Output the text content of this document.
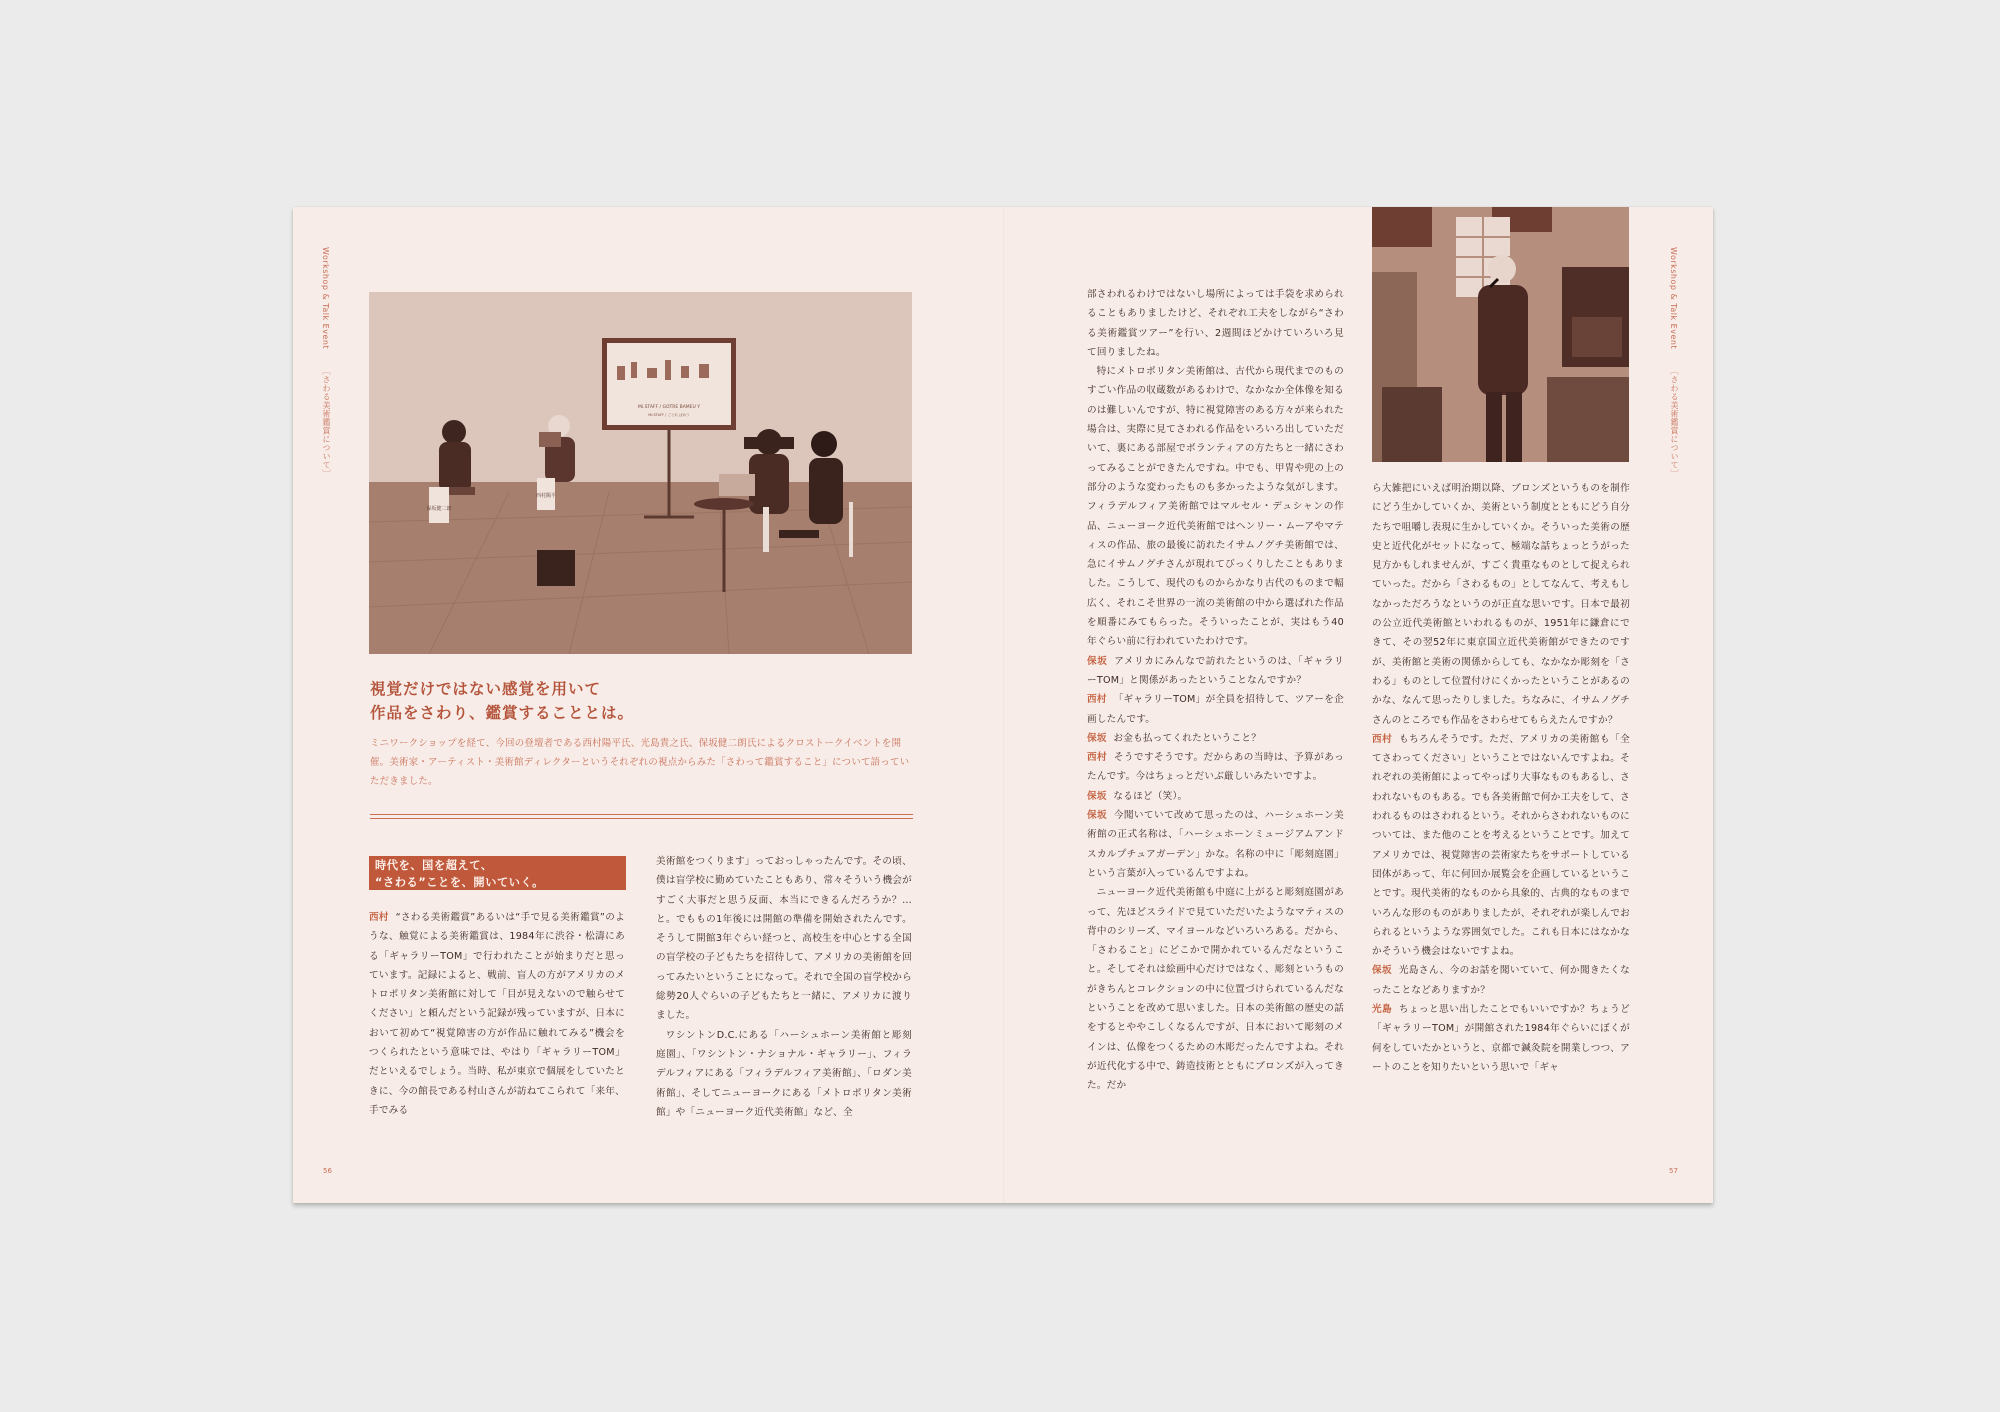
Workshop & Talk Event
［さわる美術鑑賞について］
Workshop & Talk Event
［さわる美術鑑賞について］
Mi.STAFF / GOTRE BAMEU Y
Mi.STAFF / ごとれ ばめう
保坂健二朗
西村陽平
視覚だけではない感覚を用いて
作品をさわり、鑑賞することとは。
ミニワークショップを経て、今回の登壇者である西村陽平氏、光島貴之氏、保坂健二朗氏によるクロストークイベントを開催。美術家・アーティスト・美術館ディレクターというそれぞれの視点からみた「さわって鑑賞すること」について語っていただきました。
時代を、国を超えて、
“さわる”ことを、開いていく。

西村 “さわる美術鑑賞”あるいは“手で見る美術鑑賞”のような、触覚による美術鑑賞は、1984年に渋谷・松濤にある「ギャラリーTOM」で行われたことが始まりだと思っています。記録によると、戦前、盲人の方がアメリカのメトロポリタン美術館に対して「目が見えないので触らせてください」と頼んだという記録が残っていますが、日本において初めて“視覚障害の方が作品に触れてみる”機会をつくられたという意味では、やはり「ギャラリーTOM」だといえるでしょう。当時、私が東京で個展をしていたときに、今の館長である村山さんが訪ねてこられて「来年、手でみる

美術館をつくります」っておっしゃったんです。その頃、僕は盲学校に勤めていたこともあり、常々そういう機会がすごく大事だと思う反面、本当にできるんだろうか？…と。でももの1年後には開館の準備を開始されたんです。そうして開館3年ぐらい経つと、高校生を中心とする全国の盲学校の子どもたちを招待して、アメリカの美術館を回ってみたいということになって。それで全国の盲学校から総勢20人ぐらいの子どもたちと一緒に、アメリカに渡りました。

ワシントンD.C.にある「ハーシュホーン美術館と彫刻庭園」、「ワシントン・ナショナル・ギャラリー」、フィラデルフィアにある「フィラデルフィア美術館」、「ロダン美術館」、そしてニューヨークにある「メトロポリタン美術館」や「ニューヨーク近代美術館」など、全

部さわれるわけではないし場所によっては手袋を求められることもありましたけど、それぞれ工夫をしながら“さわる美術鑑賞ツアー”を行い、2週間ほどかけていろいろ見て回りましたね。

特にメトロポリタン美術館は、古代から現代までのものすごい作品の収蔵数があるわけで、なかなか全体像を知るのは難しいんですが、特に視覚障害のある方々が来られた場合は、実際に見てさわれる作品をいろいろ出していただいて、裏にある部屋でボランティアの方たちと一緒にさわってみることができたんですね。中でも、甲冑や兜の上の部分のような変わったものも多かったような気がします。フィラデルフィア美術館ではマルセル・デュシャンの作品、ニューヨーク近代美術館ではヘンリー・ムーアやマティスの作品、旅の最後に訪れたイサムノグチ美術館では、急にイサムノグチさんが現れてびっくりしたこともありました。こうして、現代のものからかなり古代のものまで幅広く、それこそ世界の一流の美術館の中から選ばれた作品を順番にみてもらった。そういったことが、実はもう40年ぐらい前に行われていたわけです。

保坂 アメリカにみんなで訪れたというのは、「ギャラリーTOM」と関係があったということなんですか？

西村 「ギャラリーTOM」が全員を招待して、ツアーを企画したんです。

保坂 お金も払ってくれたということ？

西村 そうですそうです。だからあの当時は、予算があったんです。今はちょっとだいぶ厳しいみたいですよ。

保坂 なるほど（笑）。

保坂 今聞いていて改めて思ったのは、ハーシュホーン美術館の正式名称は、「ハーシュホーンミュージアムアンドスカルプチュアガーデン」かな。名称の中に「彫刻庭園」という言葉が入っているんですよね。

ニューヨーク近代美術館も中庭に上がると彫刻庭園があって、先ほどスライドで見ていただいたようなマティスの背中のシリーズ、マイヨールなどいろいろある。だから、「さわること」にどこかで開かれているんだなということ。そしてそれは絵画中心だけではなく、彫刻というものがきちんとコレクションの中に位置づけられているんだなということを改めて思いました。日本の美術館の歴史の話をするとややこしくなるんですが、日本において彫刻のメインは、仏像をつくるための木彫だったんですよね。それが近代化する中で、鋳造技術とともにブロンズが入ってきた。だか

ら大雑把にいえば明治期以降、ブロンズというものを制作にどう生かしていくか、美術という制度とともにどう自分たちで咀嚼し表現に生かしていくか。そういった美術の歴史と近代化がセットになって、極端な話ちょっとうがった見方かもしれませんが、すごく貴重なものとして捉えられていった。だから「さわるもの」としてなんて、考えもしなかっただろうなというのが正直な思いです。日本で最初の公立近代美術館といわれるものが、1951年に鎌倉にできて、その翌52年に東京国立近代美術館ができたのですが、美術館と美術の関係からしても、なかなか彫刻を「さわる」ものとして位置付けにくかったということがあるのかな、なんて思ったりしました。ちなみに、イサムノグチさんのところでも作品をさわらせてもらえたんですか？

西村 もちろんそうです。ただ、アメリカの美術館も「全てさわってください」ということではないんですよね。それぞれの美術館によってやっぱり大事なものもあるし、さわれないものもある。でも各美術館で何か工夫をして、さわれるものはさわれるという。それからさわれないものについては、また他のことを考えるということです。加えてアメリカでは、視覚障害の芸術家たちをサポートしている団体があって、年に何回か展覧会を企画しているということです。現代美術的なものから具象的、古典的なものまでいろんな形のものがありましたが、それぞれが楽しんでおられるというような雰囲気でした。これも日本にはなかなかそういう機会はないですよね。

保坂 光島さん、今のお話を聞いていて、何か聞きたくなったことなどありますか？

光島 ちょっと思い出したことでもいいですか？ちょうど「ギャラリーTOM」が開館された1984年ぐらいにぼくが何をしていたかというと、京都で鍼灸院を開業しつつ、アートのことを知りたいという思いで「ギャ

56	57
